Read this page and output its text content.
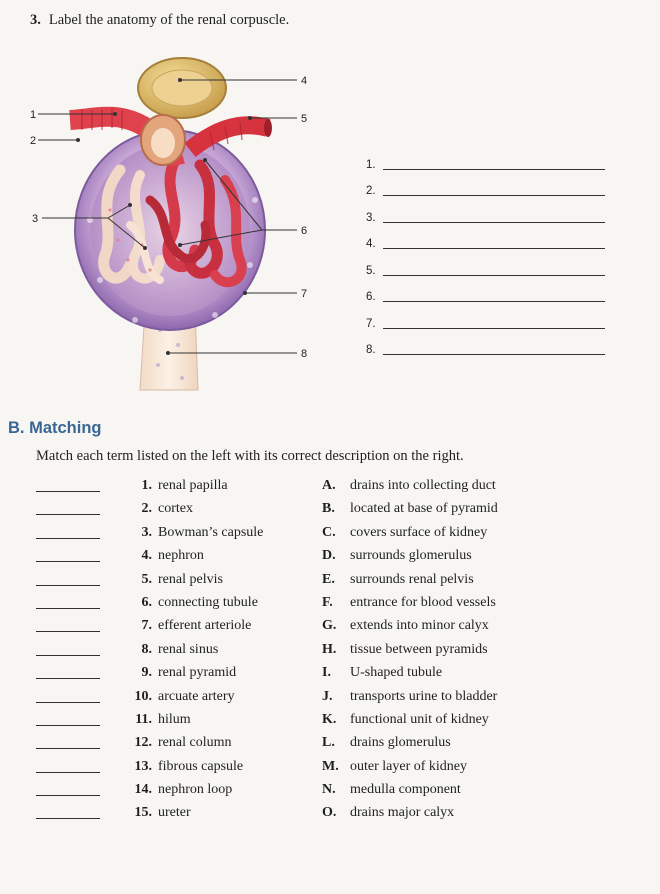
3. Label the anatomy of the renal corpuscle.
1
2
3
4
5
6
7
8
1.
2.
3.
4.
5.
6.
7.
8.
B. Matching
Match each term listed on the left with its correct description on the right.
1. renal papilla	A. drains into collecting duct
2. cortex	B. located at base of pyramid
3. Bowman’s capsule	C. covers surface of kidney
4. nephron	D. surrounds glomerulus
5. renal pelvis	E. surrounds renal pelvis
6. connecting tubule	F. entrance for blood vessels
7. efferent arteriole	G. extends into minor calyx
8. renal sinus	H. tissue between pyramids
9. renal pyramid	I. U-shaped tubule
10. arcuate artery	J. transports urine to bladder
11. hilum	K. functional unit of kidney
12. renal column	L. drains glomerulus
13. fibrous capsule	M. outer layer of kidney
14. nephron loop	N. medulla component
15. ureter	O. drains major calyx
